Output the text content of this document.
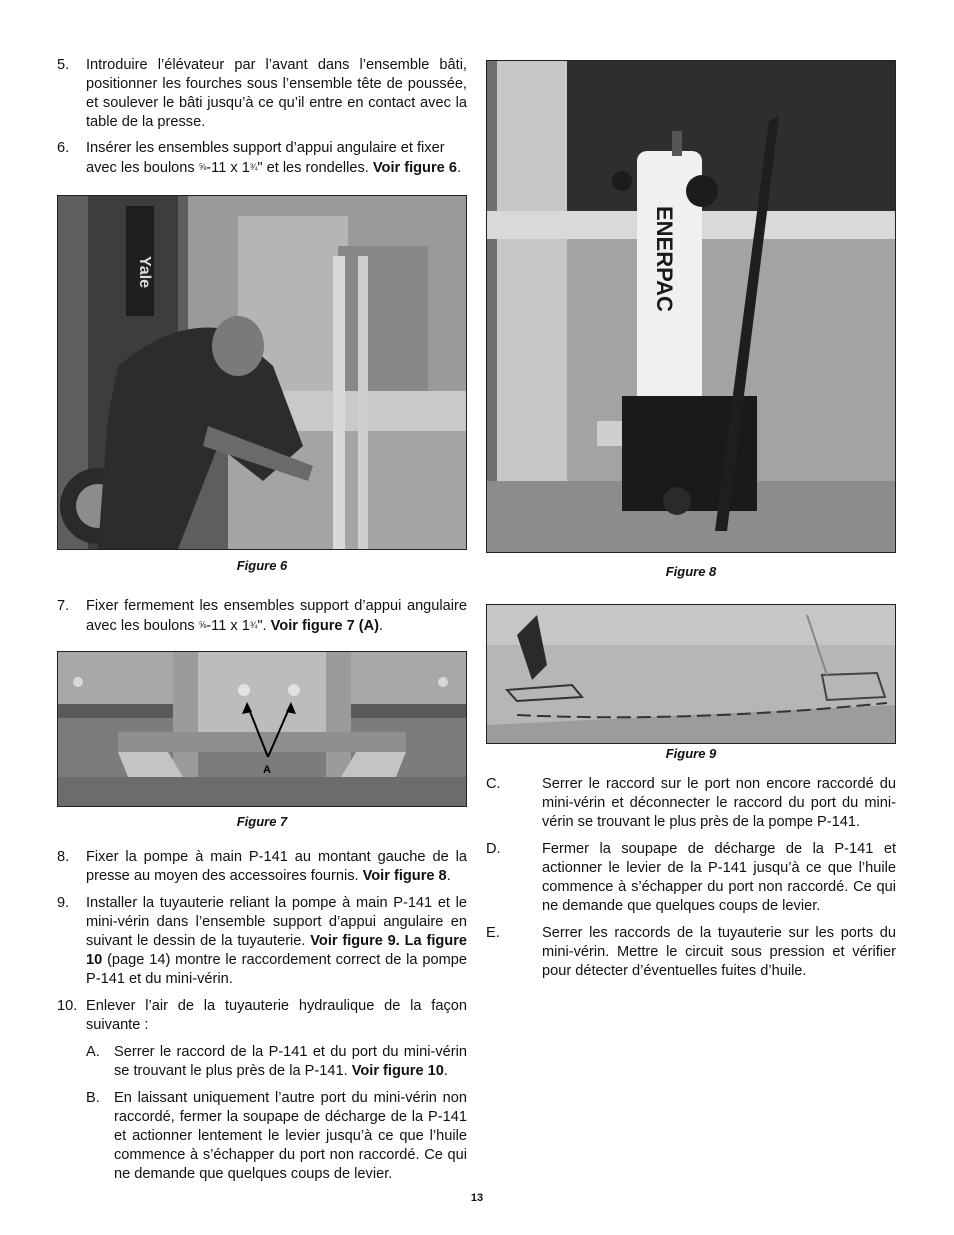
5. Introduire l’élévateur par l’avant dans l’ensemble bâti, positionner les fourches sous l’ensemble tête de poussée, et soulever le bâti jusqu’à ce qu’il entre en contact avec la table de la presse.

6. Insérer les ensembles support d’appui angulaire et fixer avec les boulons ⅝-11 x 1¾" et les rondelles. Voir figure 6.

Yale
Figure 6

7. Fixer fermement les ensembles support d’appui angulaire avec les boulons ⅝-11 x 1¾". Voir figure 7 (A).

A
Figure 7

8. Fixer la pompe à main P-141 au montant gauche de la presse au moyen des accessoires fournis. Voir figure 8.

9. Installer la tuyauterie reliant la pompe à main P-141 et le mini-vérin dans l’ensemble support d’appui angulaire en suivant le dessin de la tuyauterie. Voir figure 9. La figure 10 (page 14) montre le raccordement correct de la pompe P-141 et du mini-vérin.

10. Enlever l’air de la tuyauterie hydraulique de la façon suivante :

A. Serrer le raccord de la P-141 et du port du mini-vérin se trouvant le plus près de la P-141. Voir figure 10.

B. En laissant uniquement l’autre port du mini-vérin non raccordé, fermer la soupape de décharge de la P-141 et actionner lentement le levier jusqu’à ce que l’huile commence à s’échapper du port non raccordé. Ce qui ne demande que quelques coups de levier.

ENERPAC
Figure 8
Figure 9

C.	Serrer le raccord sur le port non encore raccordé du mini-vérin et déconnecter le raccord du port du mini-vérin se trouvant le plus près de la pompe P-141.

D.	Fermer la soupape de décharge de la P-141 et actionner le levier de la P-141 jusqu’à ce que l’huile commence à s’échapper du port non raccordé. Ce qui ne demande que quelques coups de levier.

E.	Serrer les raccords de la tuyauterie sur les ports du mini-vérin. Mettre le circuit sous pression et vérifier pour détecter d’éventuelles fuites d’huile.

13
